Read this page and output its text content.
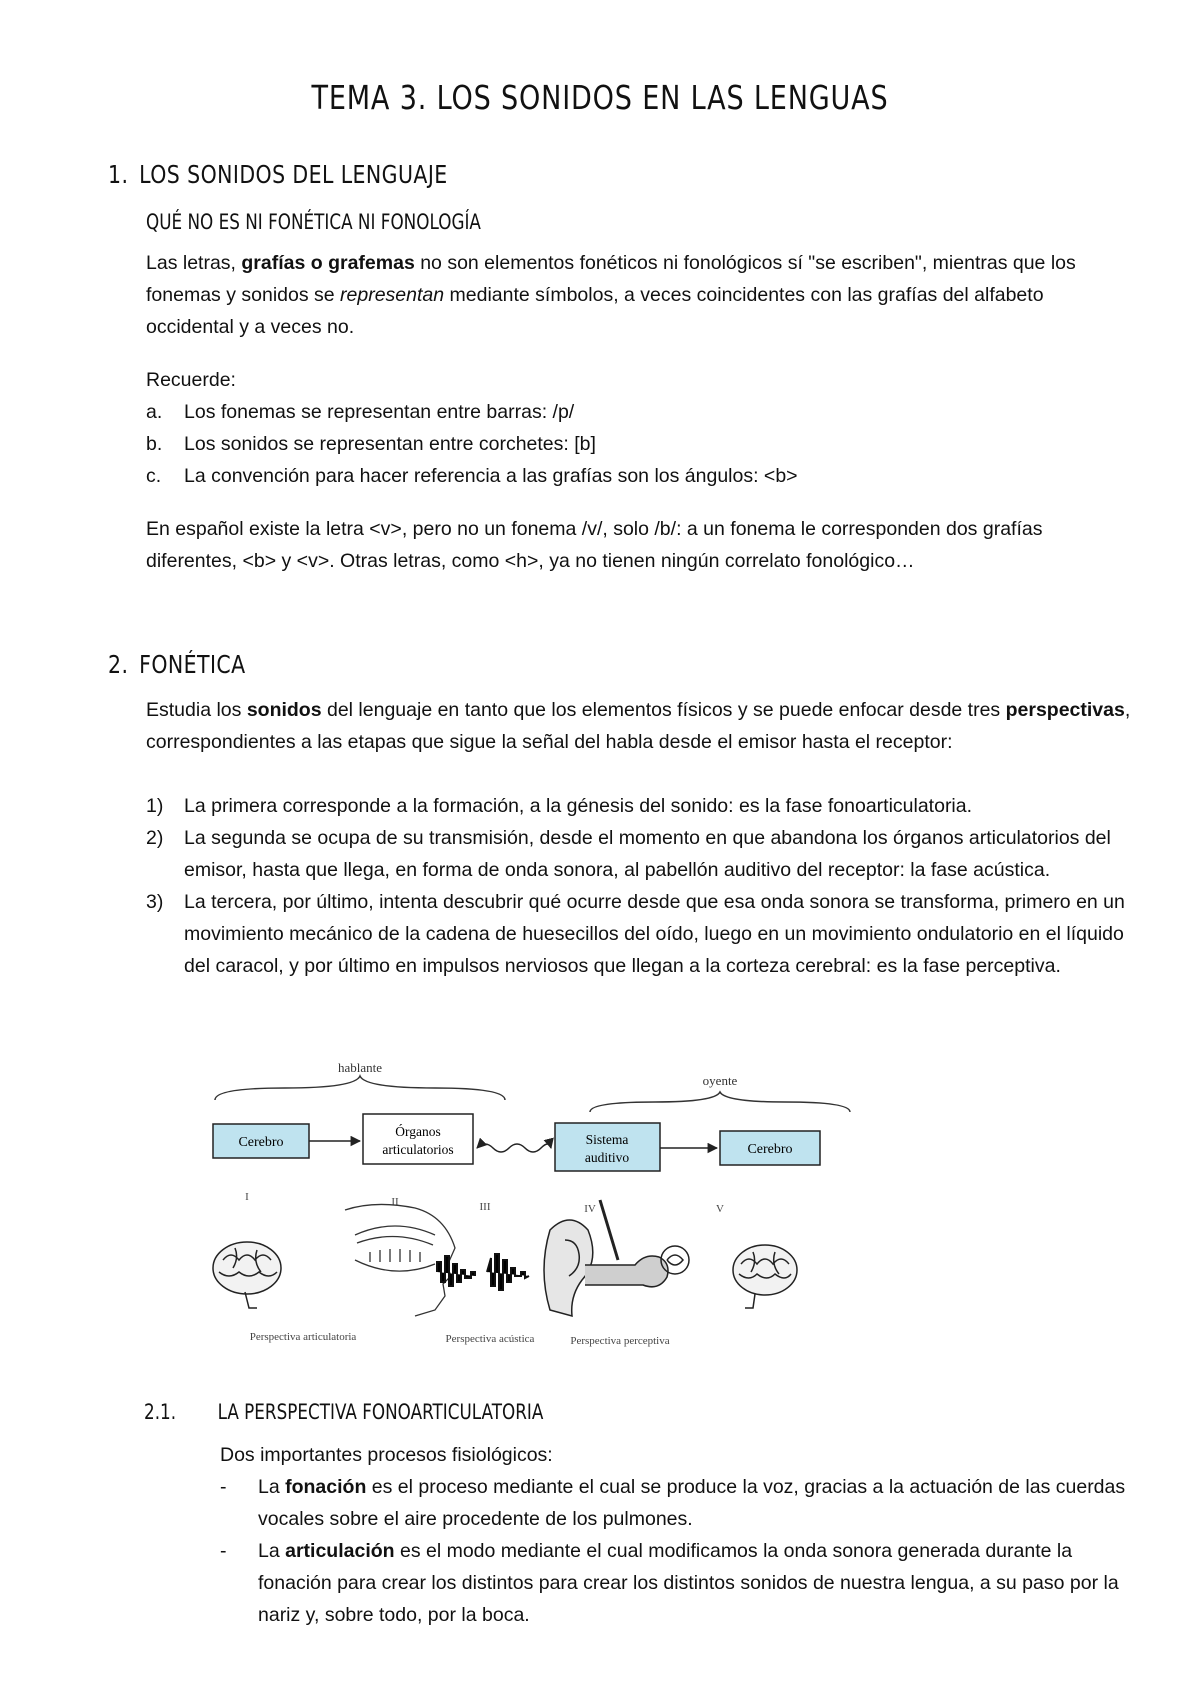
TEMA 3. LOS SONIDOS EN LAS LENGUAS
1. LOS SONIDOS DEL LENGUAJE
QUÉ NO ES NI FONÉTICA NI FONOLOGÍA

Las letras, grafías o grafemas no son elementos fonéticos ni fonológicos sí "se escriben", mientras que los fonemas y sonidos se representan mediante símbolos, a veces coincidentes con las grafías del alfabeto occidental y a veces no.

Recuerde:

a. Los fonemas se representan entre barras: /p/
b. Los sonidos se representan entre corchetes: [b]
c. La convención para hacer referencia a las grafías son los ángulos: <b>

En español existe la letra <v>, pero no un fonema /v/, solo /b/: a un fonema le corresponden dos grafías diferentes, <b> y <v>. Otras letras, como <h>, ya no tienen ningún correlato fonológico…

2. FONÉTICA

Estudia los sonidos del lenguaje en tanto que los elementos físicos y se puede enfocar desde tres perspectivas, correspondientes a las etapas que sigue la señal del habla desde el emisor hasta el receptor:

1) La primera corresponde a la formación, a la génesis del sonido: es la fase fonoarticulatoria.
2) La segunda se ocupa de su transmisión, desde el momento en que abandona los órganos articulatorios del emisor, hasta que llega, en forma de onda sonora, al pabellón auditivo del receptor: la fase acústica.
3) La tercera, por último, intenta descubrir qué ocurre desde que esa onda sonora se transforma, primero en un movimiento mecánico de la cadena de huesecillos del oído, luego en un movimiento ondulatorio en el líquido del caracol, y por último en impulsos nerviosos que llegan a la corteza cerebral: es la fase perceptiva.
hablante
oyente
Cerebro
Órganos
articulatorios
Sistema
auditivo
Cerebro
I	II	III	IV	V
Perspectiva articulatoria	Perspectiva acústica	Perspectiva perceptiva
2.1. LA PERSPECTIVA FONOARTICULATORIA

Dos importantes procesos fisiológicos:

- La fonación es el proceso mediante el cual se produce la voz, gracias a la actuación de las cuerdas vocales sobre el aire procedente de los pulmones.
- La articulación es el modo mediante el cual modificamos la onda sonora generada durante la fonación para crear los distintos para crear los distintos sonidos de nuestra lengua, a su paso por la nariz y, sobre todo, por la boca.
